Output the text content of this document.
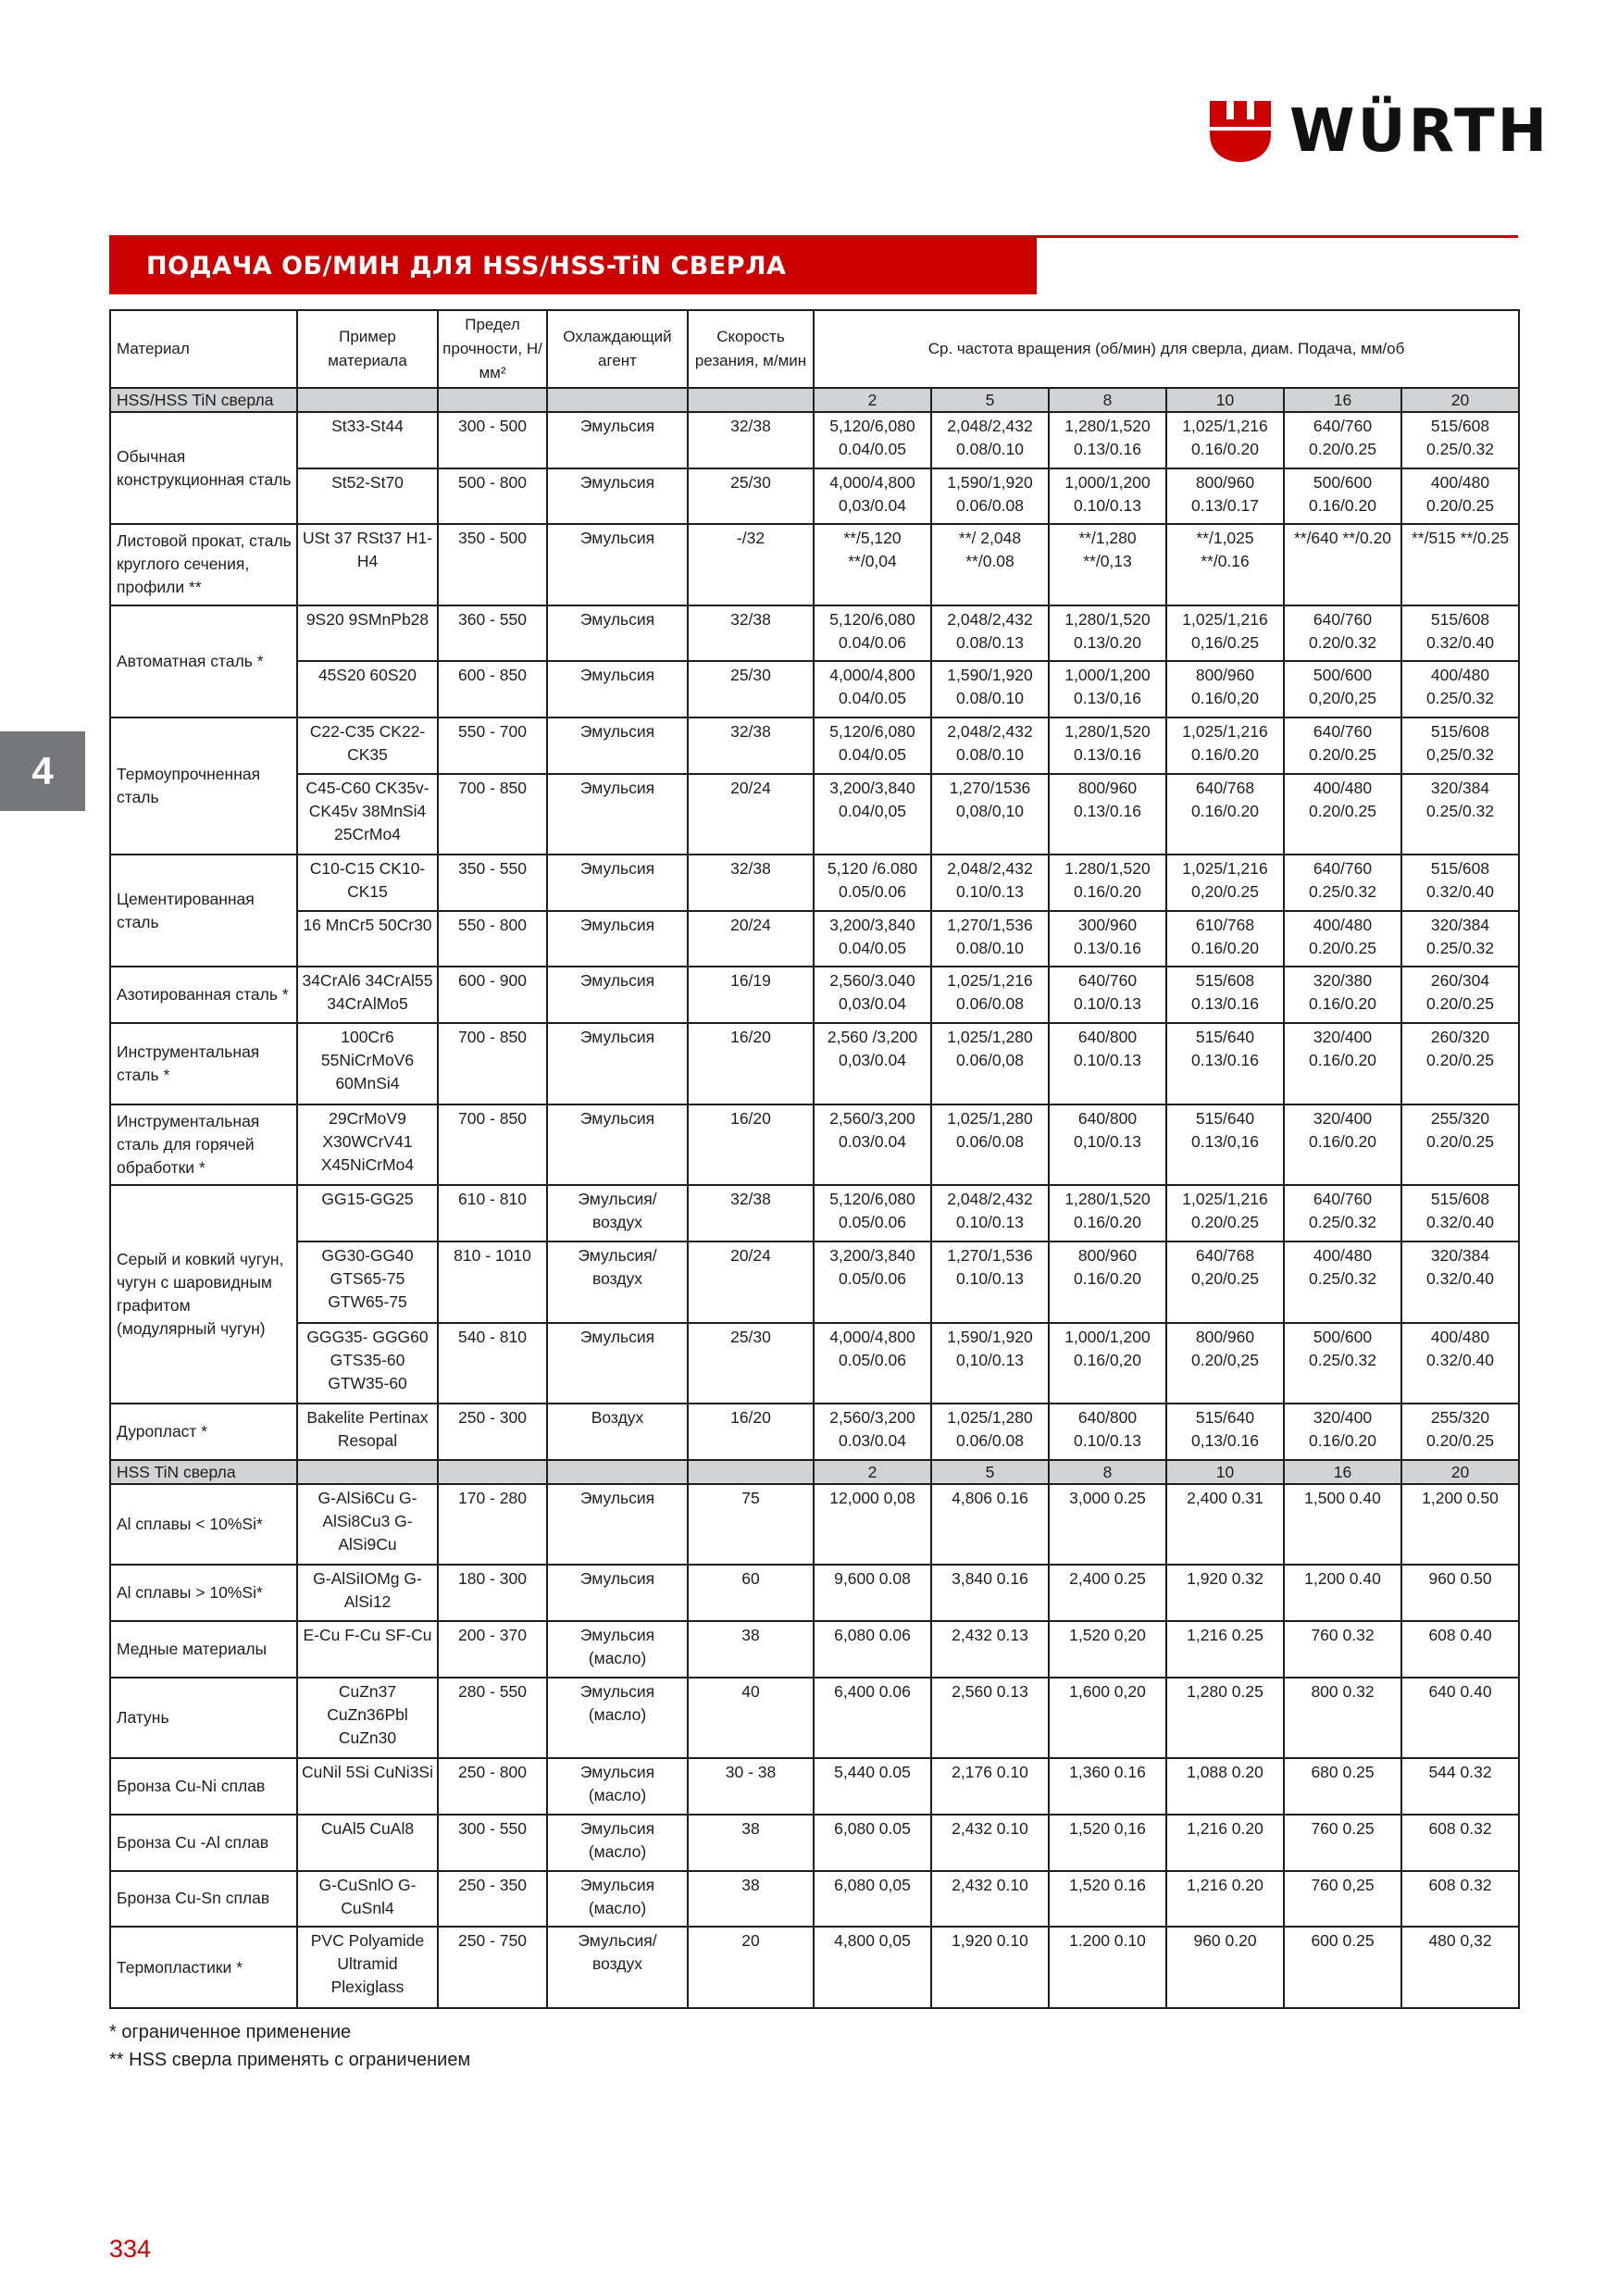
WÜRTH
ПОДАЧА ОБ/МИН ДЛЯ HSS/HSS-TiN СВЕРЛА
4
Материал	Пример материала	Предел прочности, Н/мм²	Охлаждающий агент	Скорость резания, м/мин	Ср. частота вращения (об/мин) для сверла, диам. Подача, мм/об					
HSS/HSS TiN сверла					2	5	8	10	16	20
Обычная конструкционная сталь	St33-St44	300 - 500	Эмульсия	32/38	5,120/6,080 0.04/0.05	2,048/2,432 0.08/0.10	1,280/1,520 0.13/0.16	1,025/1,216 0.16/0.20	640/760 0.20/0.25	515/608 0.25/0.32
	St52-St70	500 - 800	Эмульсия	25/30	4,000/4,800 0,03/0.04	1,590/1,920 0.06/0.08	1,000/1,200 0.10/0.13	800/960 0.13/0.17	500/600 0.16/0.20	400/480 0.20/0.25
Листовой прокат, сталь круглого сечения, профили **	USt 37 RSt37 H1-H4	350 - 500	Эмульсия	-/32	**/5,120 **/0,04	**/ 2,048 **/0.08	**/1,280 **/0,13	**/1,025 **/0.16	**/640 **/0.20	**/515 **/0.25
Автоматная сталь *	9S20 9SMnPb28	360 - 550	Эмульсия	32/38	5,120/6,080 0.04/0.06	2,048/2,432 0.08/0.13	1,280/1,520 0.13/0.20	1,025/1,216 0,16/0.25	640/760 0.20/0.32	515/608 0.32/0.40
	45S20 60S20	600 - 850	Эмульсия	25/30	4,000/4,800 0.04/0.05	1,590/1,920 0.08/0.10	1,000/1,200 0.13/0,16	800/960 0.16/0,20	500/600 0,20/0,25	400/480 0.25/0.32
Термоупрочненная сталь	C22-C35 CK22-CK35	550 - 700	Эмульсия	32/38	5,120/6,080 0.04/0.05	2,048/2,432 0.08/0.10	1,280/1,520 0.13/0.16	1,025/1,216 0.16/0.20	640/760 0.20/0.25	515/608 0,25/0.32
	C45-C60 CK35v-CK45v 38MnSi4 25CrMo4	700 - 850	Эмульсия	20/24	3,200/3,840 0.04/0,05	1,270/1536 0,08/0,10	800/960 0.13/0.16	640/768 0.16/0.20	400/480 0.20/0.25	320/384 0.25/0.32
Цементированная сталь	C10-C15 CK10-CK15	350 - 550	Эмульсия	32/38	5,120 /6.080 0.05/0.06	2,048/2,432 0.10/0.13	1.280/1,520 0.16/0.20	1,025/1,216 0,20/0.25	640/760 0.25/0.32	515/608 0.32/0.40
	16 MnCr5 50Cr30	550 - 800	Эмульсия	20/24	3,200/3,840 0.04/0.05	1,270/1,536 0.08/0.10	300/960 0.13/0.16	610/768 0.16/0.20	400/480 0.20/0.25	320/384 0.25/0.32
Азотированная сталь *	34CrAl6 34CrAl55 34CrAlMo5	600 - 900	Эмульсия	16/19	2,560/3.040 0,03/0.04	1,025/1,216 0.06/0.08	640/760 0.10/0.13	515/608 0.13/0.16	320/380 0.16/0.20	260/304 0.20/0.25
Инструментальная сталь *	100Cr6 55NiCrMoV6 60MnSi4	700 - 850	Эмульсия	16/20	2,560 /3,200 0,03/0.04	1,025/1,280 0.06/0,08	640/800 0.10/0.13	515/640 0.13/0.16	320/400 0.16/0.20	260/320 0.20/0.25
Инструментальная сталь для горячей обработки *	29CrMoV9 X30WCrV41 X45NiCrMo4	700 - 850	Эмульсия	16/20	2,560/3,200 0.03/0.04	1,025/1,280 0.06/0.08	640/800 0,10/0.13	515/640 0.13/0,16	320/400 0.16/0.20	255/320 0.20/0.25
Серый и ковкий чугун, чугун с шаровидным графитом (модулярный чугун)	GG15-GG25	610 - 810	Эмульсия/ воздух	32/38	5,120/6,080 0.05/0.06	2,048/2,432 0.10/0.13	1,280/1,520 0.16/0.20	1,025/1,216 0.20/0.25	640/760 0.25/0.32	515/608 0.32/0.40
	GG30-GG40 GTS65-75 GTW65-75	810 - 1010	Эмульсия/ воздух	20/24	3,200/3,840 0.05/0.06	1,270/1,536 0.10/0.13	800/960 0.16/0.20	640/768 0,20/0.25	400/480 0.25/0.32	320/384 0.32/0.40
	GGG35- GGG60 GTS35-60 GTW35-60	540 - 810	Эмульсия	25/30	4,000/4,800 0.05/0.06	1,590/1,920 0,10/0.13	1,000/1,200 0.16/0,20	800/960 0.20/0,25	500/600 0.25/0.32	400/480 0.32/0.40
Дуропласт *	Bakelite Pertinax Resopal	250 - 300	Воздух	16/20	2,560/3,200 0.03/0.04	1,025/1,280 0.06/0.08	640/800 0.10/0.13	515/640 0,13/0.16	320/400 0.16/0.20	255/320 0.20/0.25
HSS TiN сверла					2	5	8	10	16	20
Al сплавы < 10%Si*	G-AlSi6Cu G-AlSi8Cu3 G-AlSi9Cu	170 - 280	Эмульсия	75	12,000 0,08	4,806 0.16	3,000 0.25	2,400 0.31	1,500 0.40	1,200 0.50
Al сплавы > 10%Si*	G-AlSiIOMg G-AlSi12	180 - 300	Эмульсия	60	9,600 0.08	3,840 0.16	2,400 0.25	1,920 0.32	1,200 0.40	960 0.50
Медные материалы	E-Cu F-Cu SF-Cu	200 - 370	Эмульсия (масло)	38	6,080 0.06	2,432 0.13	1,520 0,20	1,216 0.25	760 0.32	608 0.40
Латунь	CuZn37 CuZn36Pbl CuZn30	280 - 550	Эмульсия (масло)	40	6,400 0.06	2,560 0.13	1,600 0,20	1,280 0.25	800 0.32	640 0.40
Бронза Cu-Ni сплав	CuNil 5Si CuNi3Si	250 - 800	Эмульсия (масло)	30 - 38	5,440 0.05	2,176 0.10	1,360 0.16	1,088 0.20	680 0.25	544 0.32
Бронза Cu -Al сплав	CuAl5 CuAl8	300 - 550	Эмульсия (масло)	38	6,080 0.05	2,432 0.10	1,520 0,16	1,216 0.20	760 0.25	608 0.32
Бронза Cu-Sn сплав	G-CuSnlO G-CuSnl4	250 - 350	Эмульсия (масло)	38	6,080 0,05	2,432 0.10	1,520 0.16	1,216 0.20	760 0,25	608 0.32
Термопластики *	PVC Polyamide Ultramid Plexiglass	250 - 750	Эмульсия/ воздух	20	4,800 0,05	1,920 0.10	1.200 0.10	960 0.20	600 0.25	480 0,32
* ограниченное применение
** HSS сверла применять с ограничением
334
